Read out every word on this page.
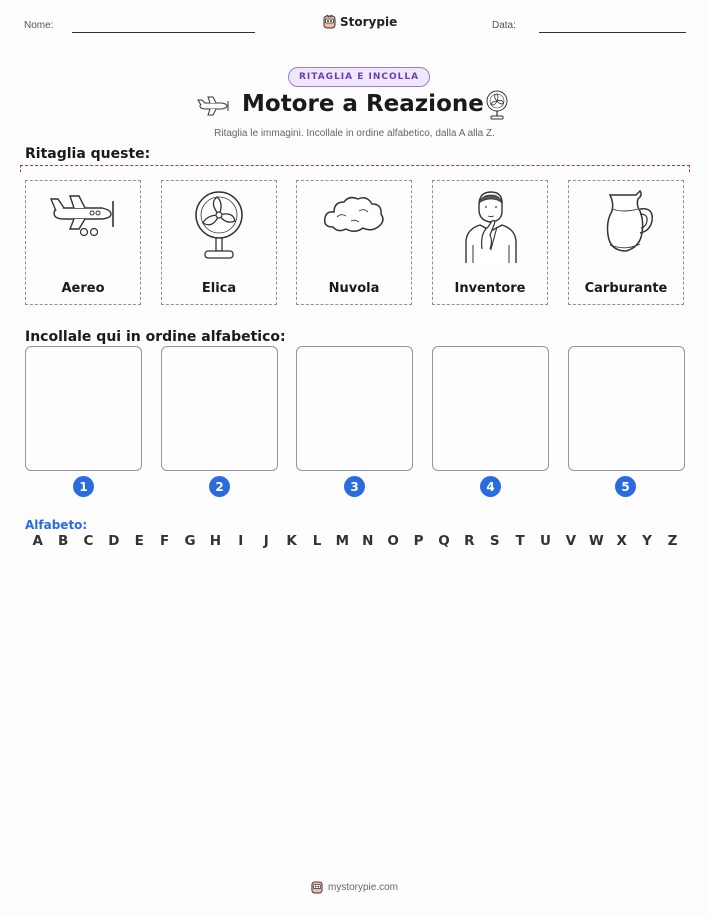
Nome:	Storypie	Data:
RITAGLIA E INCOLLA
Motore a Reazione
Ritaglia le immagini. Incollale in ordine alfabetico, dalla A alla Z.
Ritaglia queste:
Aereo	Elica	Nuvola	Inventore	Carburante
Incollale qui in ordine alfabetico:
1	2	3	4	5
Alfabeto:
A	B	C	D	E	F	G	H	I	J	K	L	M N	O	P	Q	R	S	T	U	V W X	Y	Z
mystorypie.com
